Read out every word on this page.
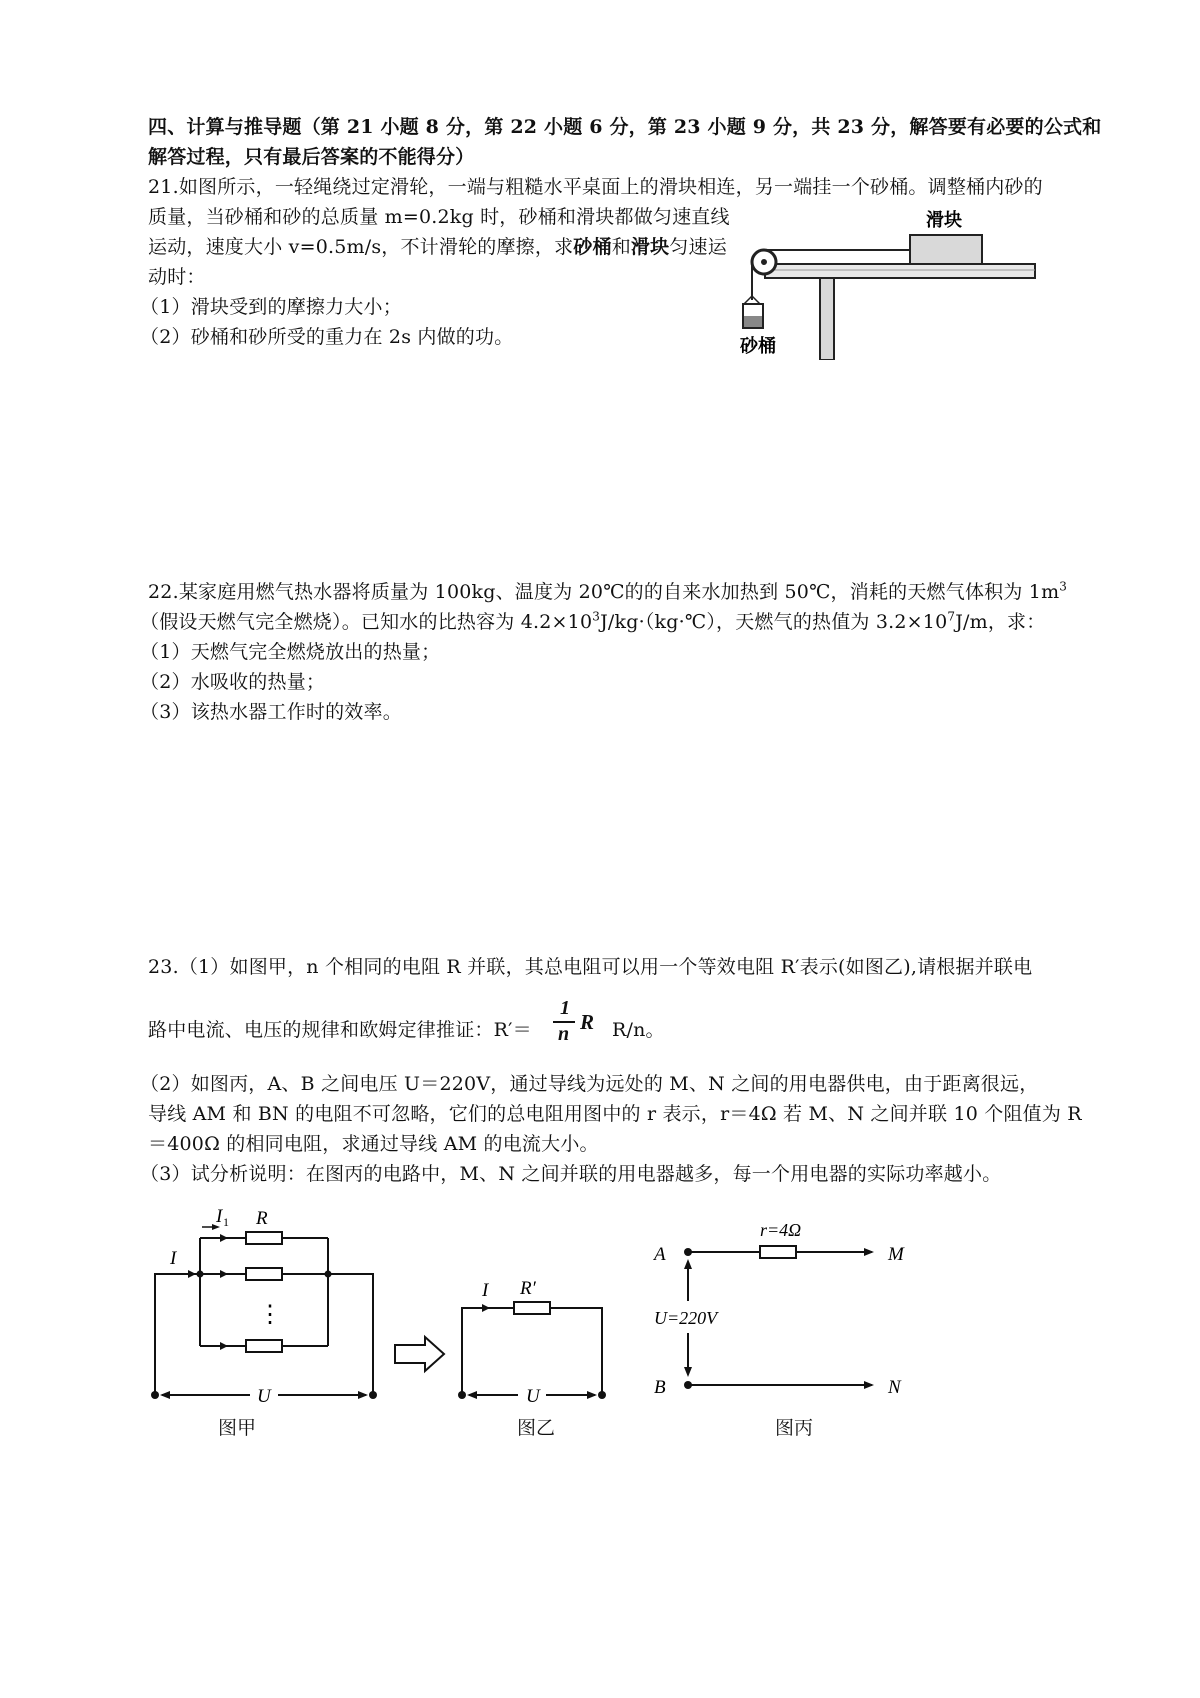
四、计算与推导题（第 21 小题 8 分，第 22 小题 6 分，第 23 小题 9 分，共 23 分，解答要有必要的公式和
解答过程，只有最后答案的不能得分）
21.如图所示，一轻绳绕过定滑轮，一端与粗糙水平桌面上的滑块相连，另一端挂一个砂桶。调整桶内砂的
质量，当砂桶和砂的总质量 m=0.2kg 时，砂桶和滑块都做匀速直线
运动，速度大小 v=0.5m/s，不计滑轮的摩擦，求砂桶和滑块匀速运
动时：
（1）滑块受到的摩擦力大小；
（2）砂桶和砂所受的重力在 2s 内做的功。
滑块
砂桶
22.某家庭用燃气热水器将质量为 100kg、温度为 20℃的的自来水加热到 50℃，消耗的天燃气体积为 $1m^3$
（假设天燃气完全燃烧）。已知水的比热容为 $4.2\times 10^3J/kg\cdot(kg\cdot℃)$，天燃气的热值为 $3.2\times 10^7J/m$，求：
（1）天燃气完全燃烧放出的热量；
（2）水吸收的热量；
（3）该热水器工作时的效率。
23.（1）如图甲，n 个相同的电阻 R 并联，其总电阻可以用一个等效电阻 R′表示(如图乙),请根据并联电
路中电流、电压的规律和欧姆定律推证：R′＝
1
n R R/n。
（2）如图丙，A、B 之间电压 U＝220V，通过导线为远处的 M、N 之间的用电器供电，由于距离很远，
导线 AM 和 BN 的电阻不可忽略，它们的总电阻用图中的 r 表示，r＝4Ω 若 M、N 之间并联 10 个阻值为 R
＝400Ω 的相同电阻，求通过导线 AM 的电流大小。
（3）试分析说明：在图丙的电路中，M、N 之间并联的用电器越多，每一个用电器的实际功率越小。
I 1 R
I
⋮
U
图甲
I R′
U
图乙
r=4Ω
A	M
U=220V
B	N
图丙
